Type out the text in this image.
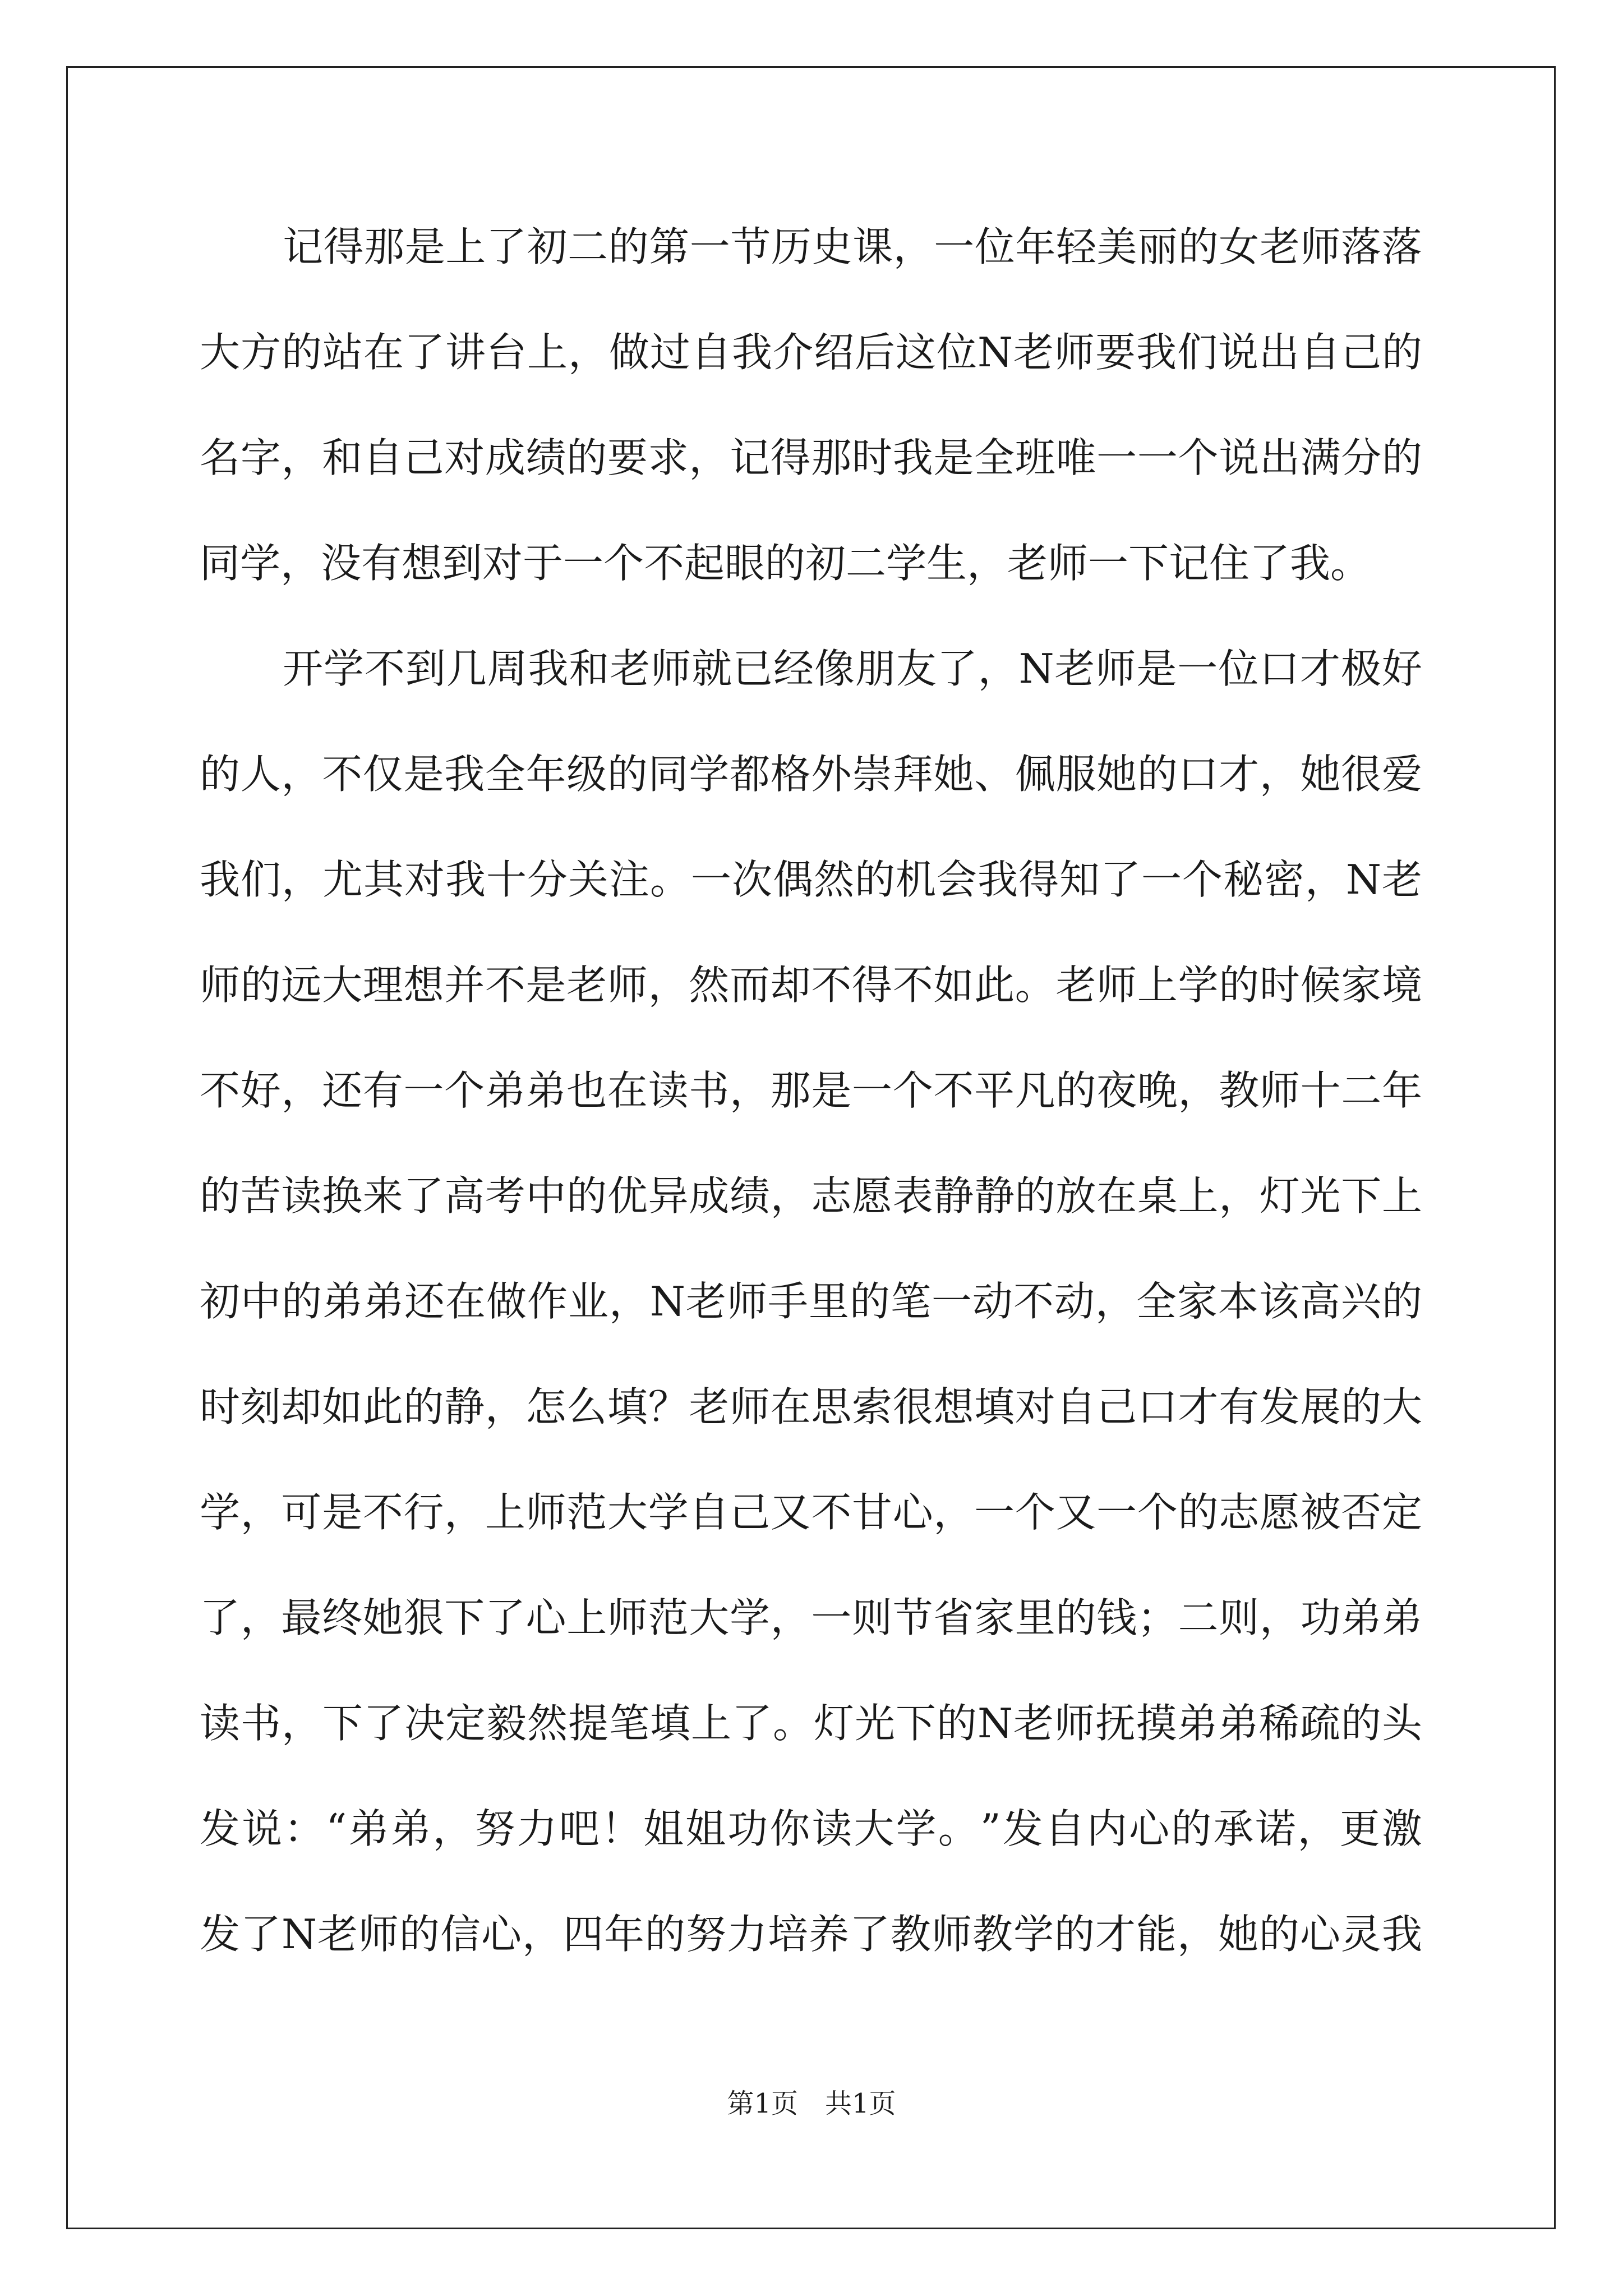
记 得 那 是 上 了 初 二 的 第 一 节 历 史 课 ， 一 位 年 轻 美 丽 的 女 老 师 落 落
大 方 的 站 在 了 讲 台 上 ， 做 过 自 我 介 绍 后 这 位 N 老 师 要 我 们 说 出 自 己 的
名 字 ， 和 自 己 对 成 绩 的 要 求 ， 记 得 那 时 我 是 全 班 唯 一 一 个 说 出 满 分 的
同学，没有想到对于一个不起眼的初二学生，老师一下记住了我。
开 学 不 到 几 周 我 和 老 师 就 已 经 像 朋 友 了 ， N 老 师 是 一 位 口 才 极 好
的 人 ， 不 仅 是 我 全 年 级 的 同 学 都 格 外 崇 拜 她 、 佩 服 她 的 口 才 ， 她 很 爱
我 们 ， 尤 其 对 我 十 分 关 注 。 一 次 偶 然 的 机 会 我 得 知 了 一 个 秘 密 ， N 老
师 的 远 大 理 想 并 不 是 老 师 ， 然 而 却 不 得 不 如 此 。 老 师 上 学 的 时 候 家 境
不 好 ， 还 有 一 个 弟 弟 也 在 读 书 ， 那 是 一 个 不 平 凡 的 夜 晚 ， 教 师 十 二 年
的 苦 读 换 来 了 高 考 中 的 优 异 成 绩 ， 志 愿 表 静 静 的 放 在 桌 上 ， 灯 光 下 上
初 中 的 弟 弟 还 在 做 作 业 ， N 老 师 手 里 的 笔 一 动 不 动 ， 全 家 本 该 高 兴 的
时 刻 却 如 此 的 静 ， 怎 么 填 ？ 老 师 在 思 索 很 想 填 对 自 己 口 才 有 发 展 的 大
学 ， 可 是 不 行 ， 上 师 范 大 学 自 己 又 不 甘 心 ， 一 个 又 一 个 的 志 愿 被 否 定
了 ， 最 终 她 狠 下 了 心 上 师 范 大 学 ， 一 则 节 省 家 里 的 钱 ； 二 则 ， 功 弟 弟
读 书 ， 下 了 决 定 毅 然 提 笔 填 上 了 。 灯 光 下 的 N 老 师 抚 摸 弟 弟 稀 疏 的 头
发 说 ： “ 弟 弟 ， 努 力 吧 ！ 姐 姐 功 你 读 大 学 。 ” 发 自 内 心 的 承 诺 ， 更 激
发 了 N 老 师 的 信 心 ， 四 年 的 努 力 培 养 了 教 师 教 学 的 才 能 ， 她 的 心 灵 我
第1页　共1页
